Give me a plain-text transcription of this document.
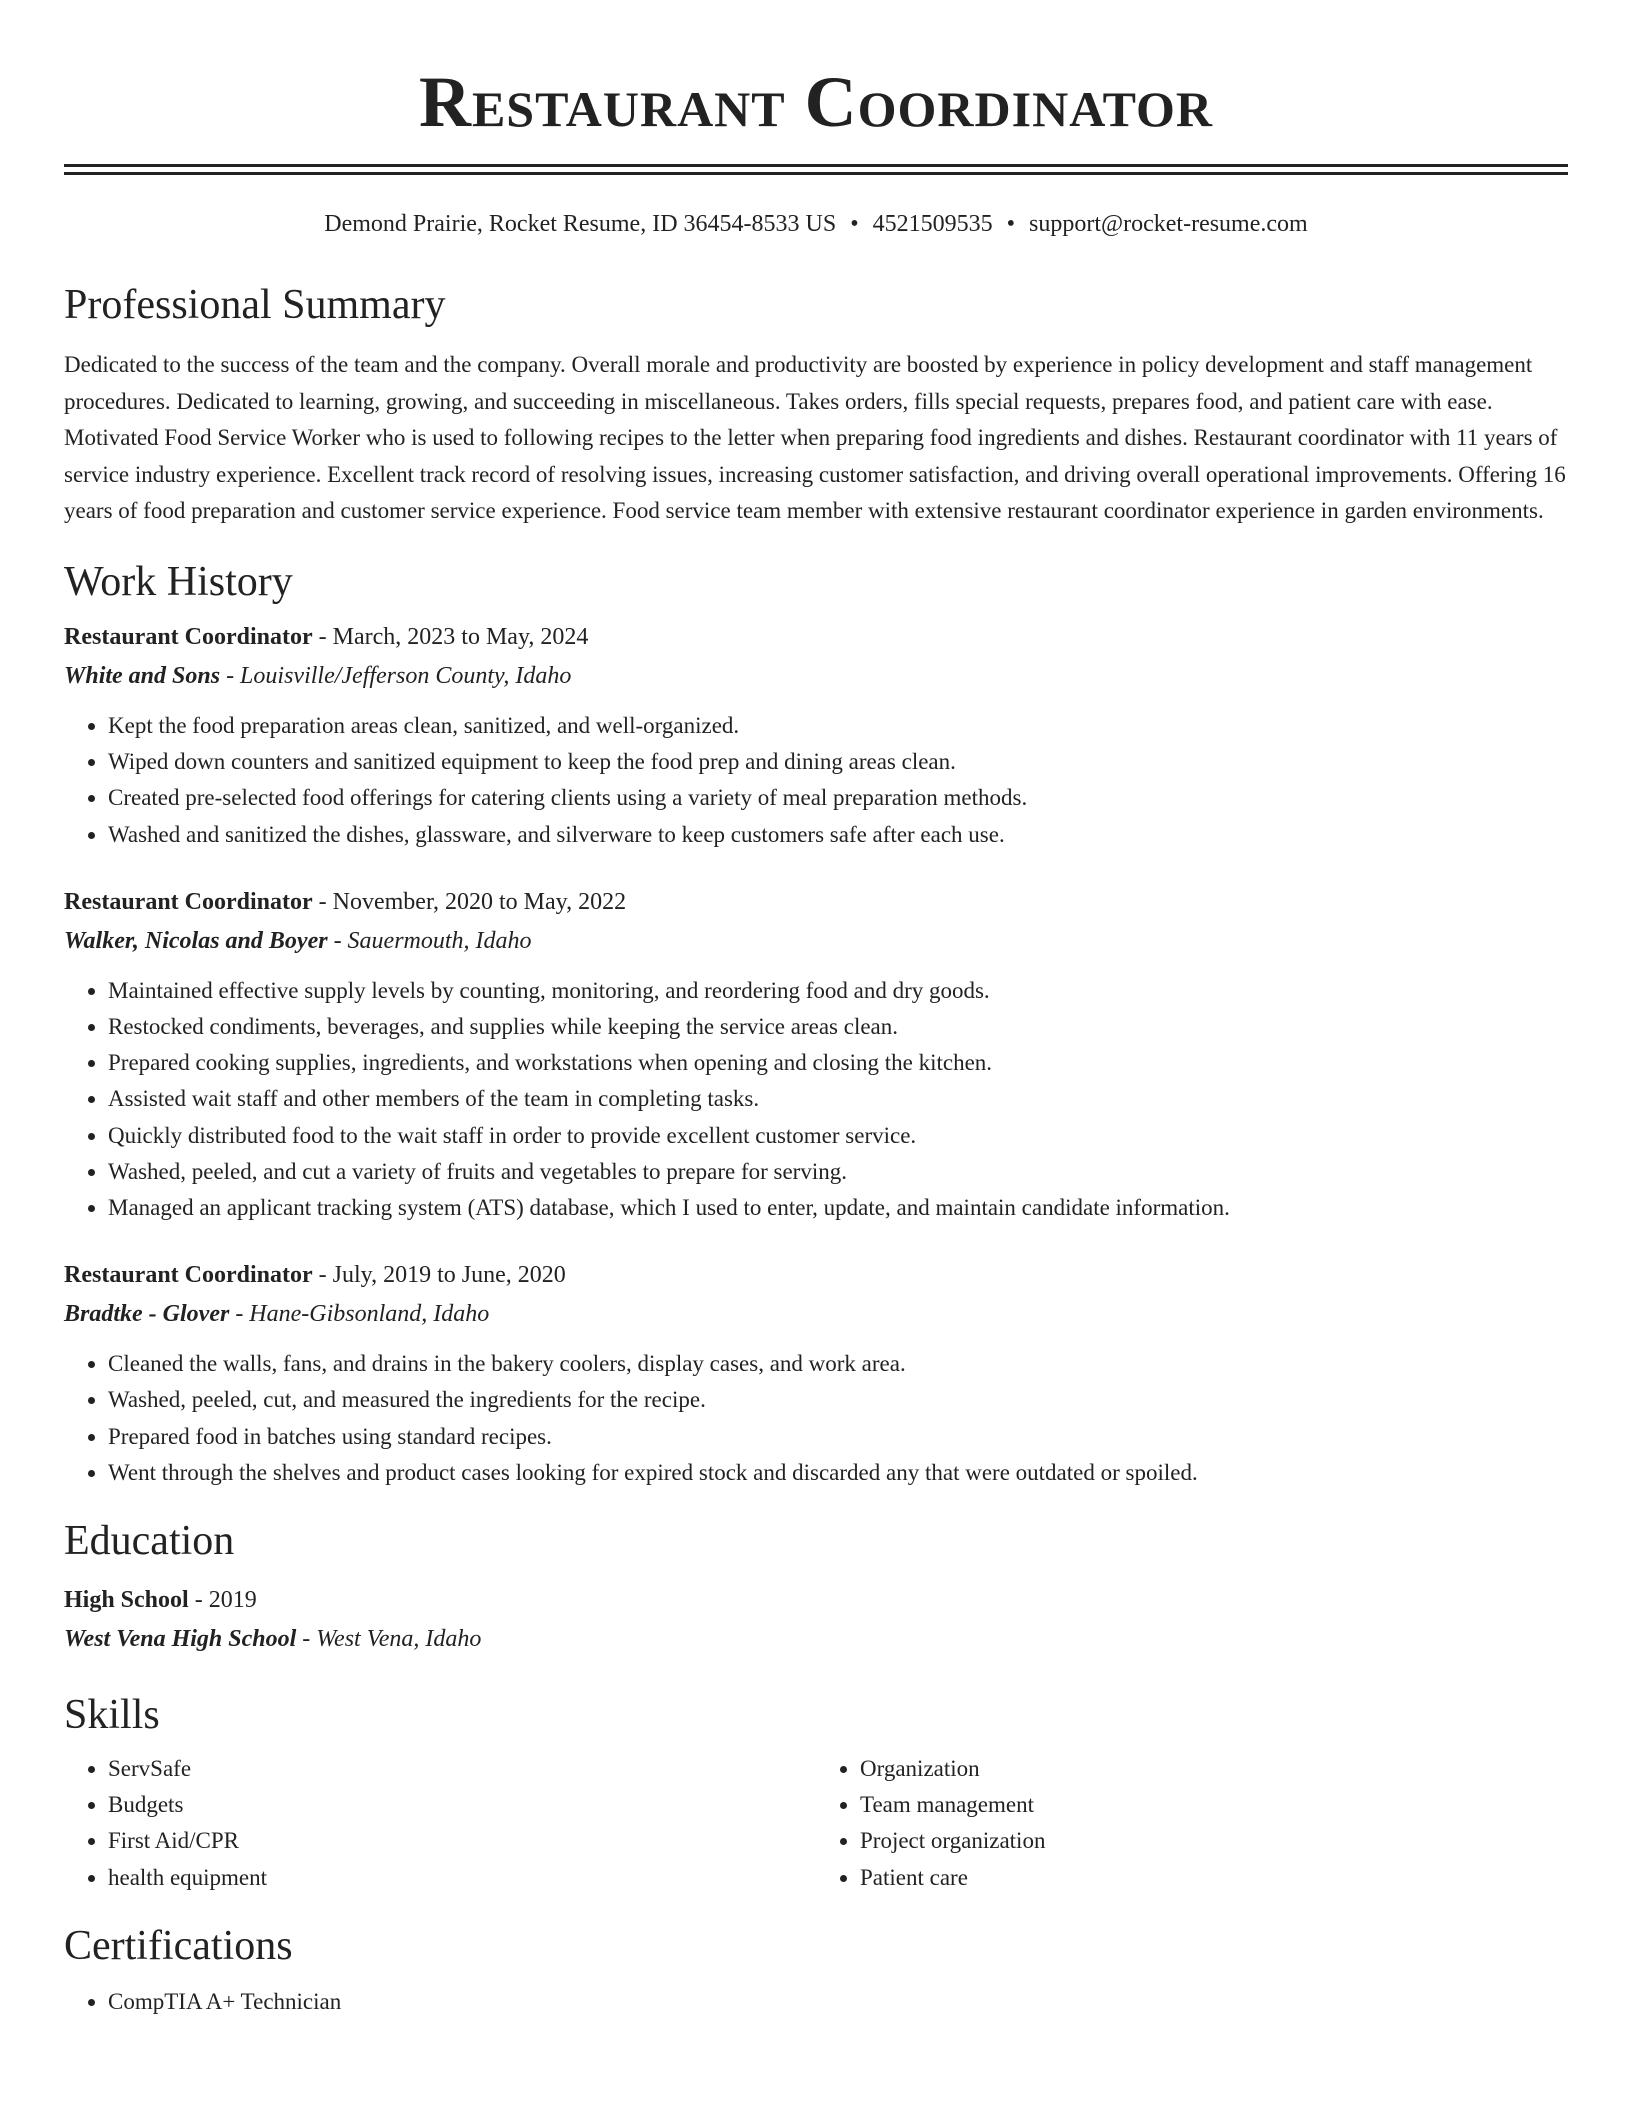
Restaurant Coordinator
Demond Prairie, Rocket Resume, ID 36454-8533 US • 4521509535 • support@rocket-resume.com
Professional Summary
Dedicated to the success of the team and the company. Overall morale and productivity are boosted by experience in policy development and staff management procedures. Dedicated to learning, growing, and succeeding in miscellaneous. Takes orders, fills special requests, prepares food, and patient care with ease. Motivated Food Service Worker who is used to following recipes to the letter when preparing food ingredients and dishes. Restaurant coordinator with 11 years of service industry experience. Excellent track record of resolving issues, increasing customer satisfaction, and driving overall operational improvements. Offering 16 years of food preparation and customer service experience. Food service team member with extensive restaurant coordinator experience in garden environments.
Work History
Restaurant Coordinator - March, 2023 to May, 2024
White and Sons - Louisville/Jefferson County, Idaho
• Kept the food preparation areas clean, sanitized, and well-organized.
• Wiped down counters and sanitized equipment to keep the food prep and dining areas clean.
• Created pre-selected food offerings for catering clients using a variety of meal preparation methods.
• Washed and sanitized the dishes, glassware, and silverware to keep customers safe after each use.
Restaurant Coordinator - November, 2020 to May, 2022
Walker, Nicolas and Boyer - Sauermouth, Idaho
• Maintained effective supply levels by counting, monitoring, and reordering food and dry goods.
• Restocked condiments, beverages, and supplies while keeping the service areas clean.
• Prepared cooking supplies, ingredients, and workstations when opening and closing the kitchen.
• Assisted wait staff and other members of the team in completing tasks.
• Quickly distributed food to the wait staff in order to provide excellent customer service.
• Washed, peeled, and cut a variety of fruits and vegetables to prepare for serving.
• Managed an applicant tracking system (ATS) database, which I used to enter, update, and maintain candidate information.
Restaurant Coordinator - July, 2019 to June, 2020
Bradtke - Glover - Hane-Gibsonland, Idaho
• Cleaned the walls, fans, and drains in the bakery coolers, display cases, and work area.
• Washed, peeled, cut, and measured the ingredients for the recipe.
• Prepared food in batches using standard recipes.
• Went through the shelves and product cases looking for expired stock and discarded any that were outdated or spoiled.
Education
High School - 2019
West Vena High School - West Vena, Idaho
Skills
• ServSafe
• Budgets
• First Aid/CPR
• health equipment
• Organization
• Team management
• Project organization
• Patient care
Certifications
• CompTIA A+ Technician
